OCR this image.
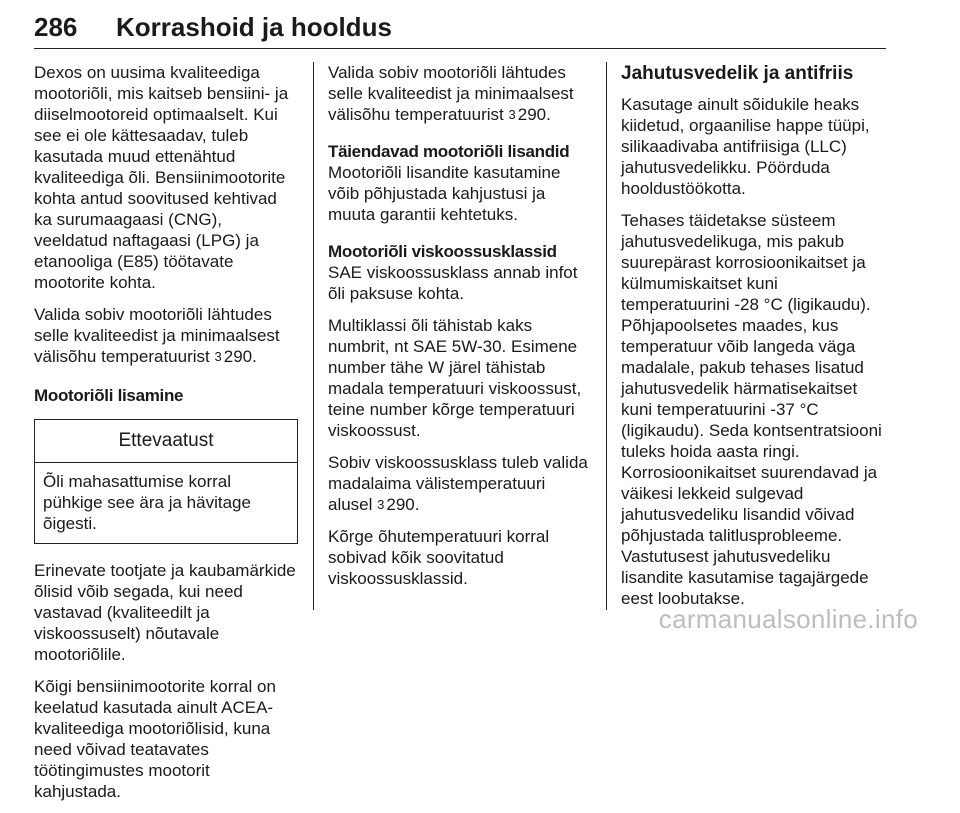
286 Korrashoid ja hooldus

Dexos on uusima kvaliteediga mootoriõli, mis kaitseb bensiini- ja diiselmootoreid optimaalselt. Kui see ei ole kättesaadav, tuleb kasutada muud ettenähtud kvaliteediga õli. Bensiinimootorite kohta antud soovitused kehtivad ka surumaagaasi (CNG), veeldatud naftagaasi (LPG) ja etanooliga (E85) töötavate mootorite kohta.

Valida sobiv mootoriõli lähtudes selle kvaliteedist ja minimaalsest välisõhu temperatuurist 3 290.

Mootoriõli lisamine

Ettevaatust
Õli mahasattumise korral pühkige see ära ja hävitage õigesti.

Erinevate tootjate ja kaubamärkide õlisid võib segada, kui need vastavad (kvaliteedilt ja viskoossuselt) nõutavale mootoriõlile.

Kõigi bensiinimootorite korral on keelatud kasutada ainult ACEA-kvaliteediga mootoriõlisid, kuna need võivad teatavates töötingimustes mootorit kahjustada.

Valida sobiv mootoriõli lähtudes selle kvaliteedist ja minimaalsest välisõhu temperatuurist 3 290.

Täiendavad mootoriõli lisandid

Mootoriõli lisandite kasutamine võib põhjustada kahjustusi ja muuta garantii kehtetuks.

Mootoriõli viskoossusklassid

SAE viskoossusklass annab infot õli paksuse kohta.

Multiklassi õli tähistab kaks numbrit, nt SAE 5W-30. Esimene number tähe W järel tähistab madala temperatuuri viskoossust, teine number kõrge temperatuuri viskoossust.

Sobiv viskoossusklass tuleb valida madalaima välistemperatuuri alusel 3 290.

Kõrge õhutemperatuuri korral sobivad kõik soovitatud viskoossusklassid.

Jahutusvedelik ja antifriis

Kasutage ainult sõidukile heaks kiidetud, orgaanilise happe tüüpi, silikaadivaba antifriisiga (LLC) jahutusvedelikku. Pöörduda hooldustöökotta.

Tehases täidetakse süsteem jahutusvedelikuga, mis pakub suurepärast korrosioonikaitset ja külmumiskaitset kuni temperatuurini -28 °C (ligikaudu). Põhjapoolsetes maades, kus temperatuur võib langeda väga madalale, pakub tehases lisatud jahutusvedelik härmatisekaitset kuni temperatuurini -37 °C (ligikaudu). Seda kontsentratsiooni tuleks hoida aasta ringi. Korrosioonikaitset suurendavad ja väikesi lekkeid sulgevad jahutusvedeliku lisandid võivad põhjustada talitlusprobleeme. Vastutusest jahutusvedeliku lisandite kasutamise tagajärgede eest loobutakse.

carmanualsonline.info
